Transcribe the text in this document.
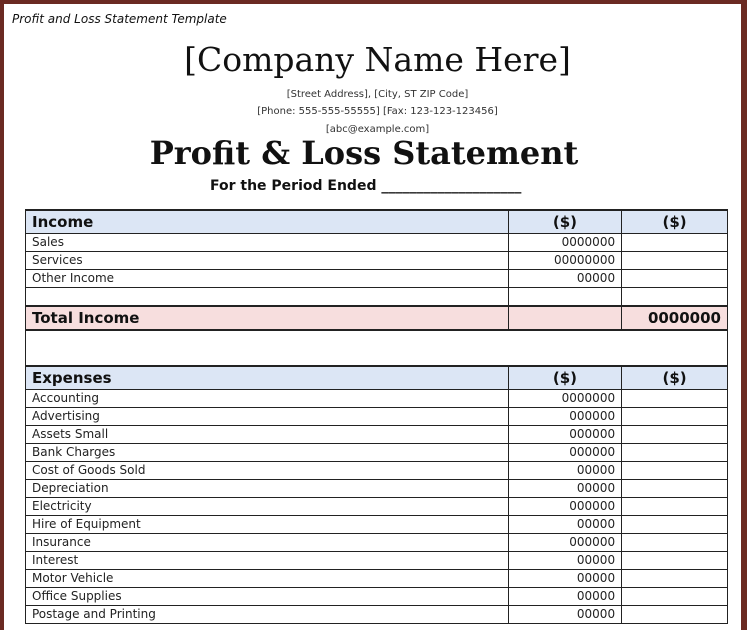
Profit and Loss Statement Template
[Company Name Here]
[Street Address], [City, ST ZIP Code]
[Phone: 555-555-55555] [Fax: 123-123-123456]
[abc@example.com]
Profit & Loss Statement
For the Period Ended ____________________
Income	($)	($)
Sales	0000000	
Services	00000000	
Other Income	00000	

Total Income		0000000

Expenses	($)	($)
Accounting	0000000	
Advertising	000000	
Assets Small	000000	
Bank Charges	000000	
Cost of Goods Sold	00000	
Depreciation	00000	
Electricity	000000	
Hire of Equipment	00000	
Insurance	000000	
Interest	00000	
Motor Vehicle	00000	
Office Supplies	00000	
Postage and Printing	00000	
